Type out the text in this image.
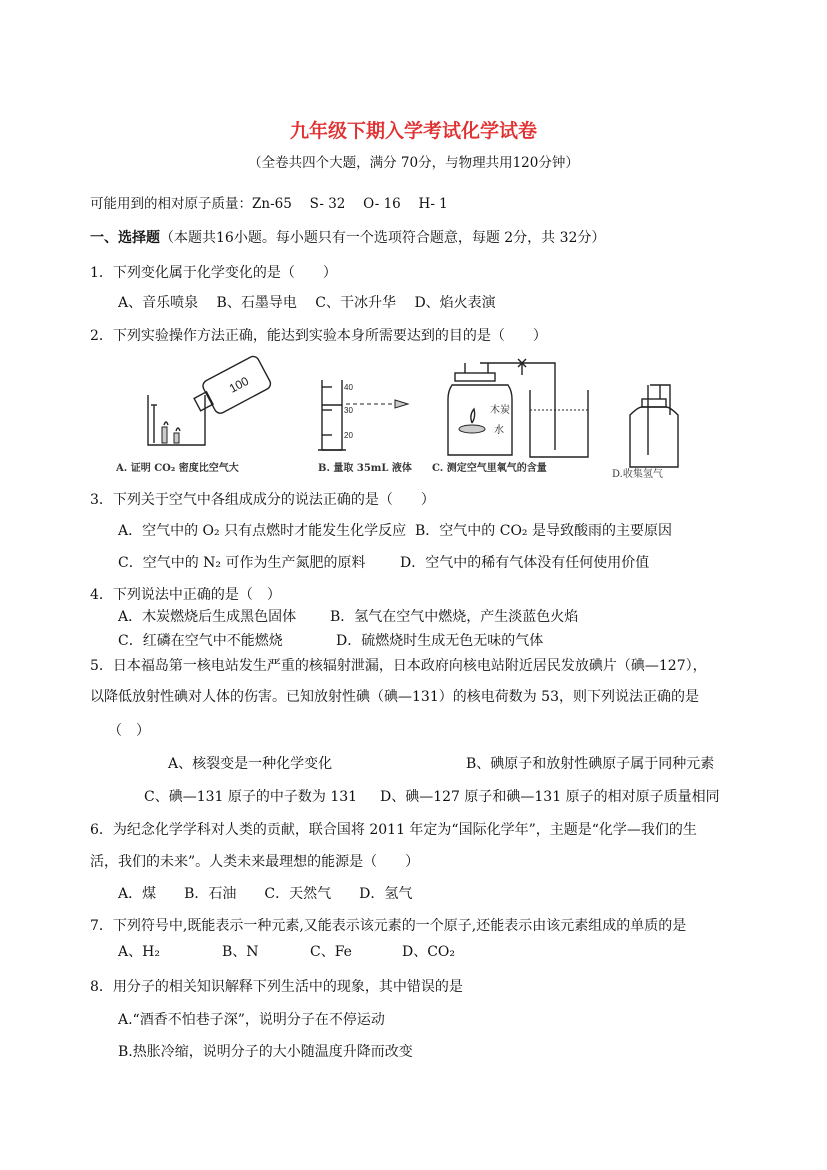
九年级下期入学考试化学试卷
（全卷共四个大题，满分 70分，与物理共用120分钟）
可能用到的相对原子质量：Zn-65　 S- 32　 O- 16　 H- 1
一、选择题（本题共16小题。每小题只有一个选项符合题意，每题 2分，共 32分）
1．下列变化属于化学变化的是（　　）
A、音乐喷泉　 B、石墨导电　 C、干冰升华　 D、焰火表演
2．下列实验操作方法正确，能达到实验本身所需要达到的目的是（　　）
100	40
30
20
木炭
水
A. 证明 CO₂ 密度比空气大	B. 量取 35mL 液体 C. 测定空气里氧气的含量
D.收集氢气
3．下列关于空气中各组成成分的说法正确的是（　　）
A．空气中的 O₂ 只有点燃时才能发生化学反应 B．空气中的 CO₂ 是导致酸雨的主要原因
C．空气中的 N₂ 可作为生产氮肥的原料 D．空气中的稀有气体没有任何使用价值
4．下列说法中正确的是（　）
A．木炭燃烧后生成黑色固体 B．氢气在空气中燃烧，产生淡蓝色火焰
C．红磷在空气中不能燃烧	D．硫燃烧时生成无色无味的气体
5．日本福岛第一核电站发生严重的核辐射泄漏，日本政府向核电站附近居民发放碘片（碘—127），
以降低放射性碘对人体的伤害。已知放射性碘（碘—131）的核电荷数为 53，则下列说法正确的是
（　）
A、核裂变是一种化学变化	B、碘原子和放射性碘原子属于同种元素
C、碘—131 原子的中子数为 131 D、碘—127 原子和碘—131 原子的相对原子质量相同
6．为纪念化学学科对人类的贡献，联合国将 2011 年定为“国际化学年”，主题是“化学—我们的生
活，我们的未来”。人类未来最理想的能源是（　　）
A．煤　　B．石油　　C．天然气　　D．氢气
7．下列符号中,既能表示一种元素,又能表示该元素的一个原子,还能表示由该元素组成的单质的是
A、H₂	B、N	C、Fe	D、CO₂
8．用分子的相关知识解释下列生活中的现象，其中错误的是
A.“酒香不怕巷子深”，说明分子在不停运动
B.热胀冷缩，说明分子的大小随温度升降而改变
